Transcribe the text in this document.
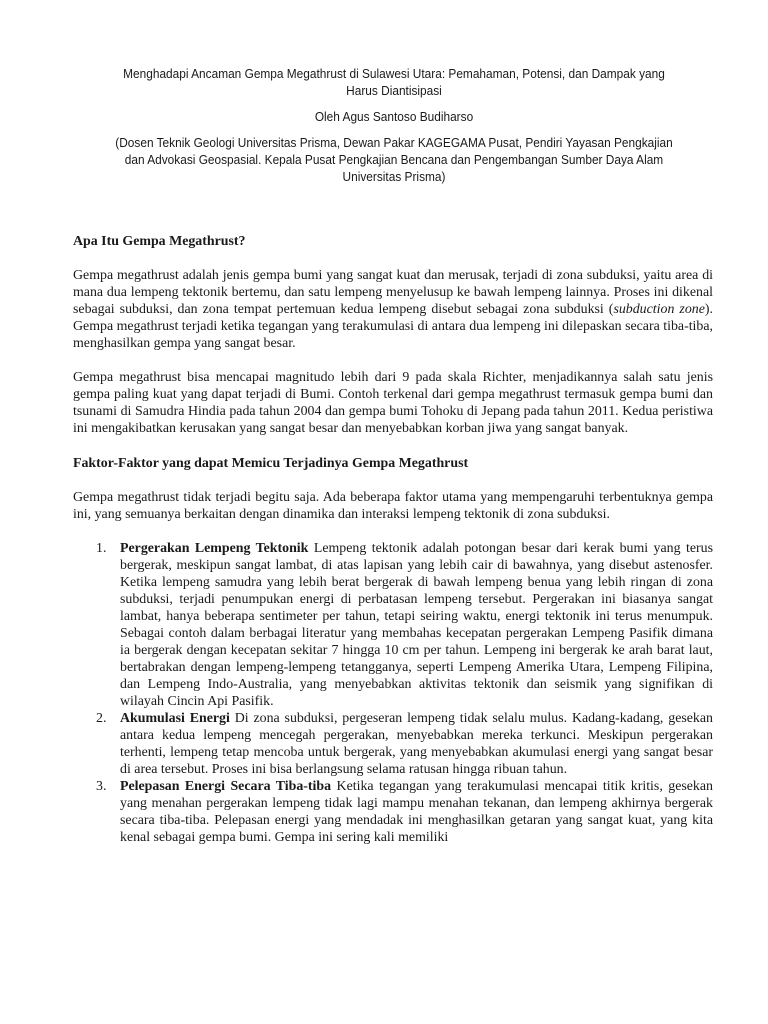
Menghadapi Ancaman Gempa Megathrust di Sulawesi Utara: Pemahaman, Potensi, dan Dampak yang Harus Diantisipasi

Oleh Agus Santoso Budiharso

(Dosen Teknik Geologi Universitas Prisma, Dewan Pakar KAGEGAMA Pusat, Pendiri Yayasan Pengkajian dan Advokasi Geospasial. Kepala Pusat Pengkajian Bencana dan Pengembangan Sumber Daya Alam Universitas Prisma)

Apa Itu Gempa Megathrust?

Gempa megathrust adalah jenis gempa bumi yang sangat kuat dan merusak, terjadi di zona subduksi, yaitu area di mana dua lempeng tektonik bertemu, dan satu lempeng menyelusup ke bawah lempeng lainnya. Proses ini dikenal sebagai subduksi, dan zona tempat pertemuan kedua lempeng disebut sebagai zona subduksi (subduction zone). Gempa megathrust terjadi ketika tegangan yang terakumulasi di antara dua lempeng ini dilepaskan secara tiba-tiba, menghasilkan gempa yang sangat besar.

Gempa megathrust bisa mencapai magnitudo lebih dari 9 pada skala Richter, menjadikannya salah satu jenis gempa paling kuat yang dapat terjadi di Bumi. Contoh terkenal dari gempa megathrust termasuk gempa bumi dan tsunami di Samudra Hindia pada tahun 2004 dan gempa bumi Tohoku di Jepang pada tahun 2011. Kedua peristiwa ini mengakibatkan kerusakan yang sangat besar dan menyebabkan korban jiwa yang sangat banyak.

Faktor-Faktor yang dapat Memicu Terjadinya Gempa Megathrust

Gempa megathrust tidak terjadi begitu saja. Ada beberapa faktor utama yang mempengaruhi terbentuknya gempa ini, yang semuanya berkaitan dengan dinamika dan interaksi lempeng tektonik di zona subduksi.

1. Pergerakan Lempeng Tektonik Lempeng tektonik adalah potongan besar dari kerak bumi yang terus bergerak, meskipun sangat lambat, di atas lapisan yang lebih cair di bawahnya, yang disebut astenosfer. Ketika lempeng samudra yang lebih berat bergerak di bawah lempeng benua yang lebih ringan di zona subduksi, terjadi penumpukan energi di perbatasan lempeng tersebut. Pergerakan ini biasanya sangat lambat, hanya beberapa sentimeter per tahun, tetapi seiring waktu, energi tektonik ini terus menumpuk. Sebagai contoh dalam berbagai literatur yang membahas kecepatan pergerakan Lempeng Pasifik dimana ia bergerak dengan kecepatan sekitar 7 hingga 10 cm per tahun. Lempeng ini bergerak ke arah barat laut, bertabrakan dengan lempeng-lempeng tetangganya, seperti Lempeng Amerika Utara, Lempeng Filipina, dan Lempeng Indo-Australia, yang menyebabkan aktivitas tektonik dan seismik yang signifikan di wilayah Cincin Api Pasifik.
2. Akumulasi Energi Di zona subduksi, pergeseran lempeng tidak selalu mulus. Kadang-kadang, gesekan antara kedua lempeng mencegah pergerakan, menyebabkan mereka terkunci. Meskipun pergerakan terhenti, lempeng tetap mencoba untuk bergerak, yang menyebabkan akumulasi energi yang sangat besar di area tersebut. Proses ini bisa berlangsung selama ratusan hingga ribuan tahun.
3. Pelepasan Energi Secara Tiba-tiba Ketika tegangan yang terakumulasi mencapai titik kritis, gesekan yang menahan pergerakan lempeng tidak lagi mampu menahan tekanan, dan lempeng akhirnya bergerak secara tiba-tiba. Pelepasan energi yang mendadak ini menghasilkan getaran yang sangat kuat, yang kita kenal sebagai gempa bumi. Gempa ini sering kali memiliki
